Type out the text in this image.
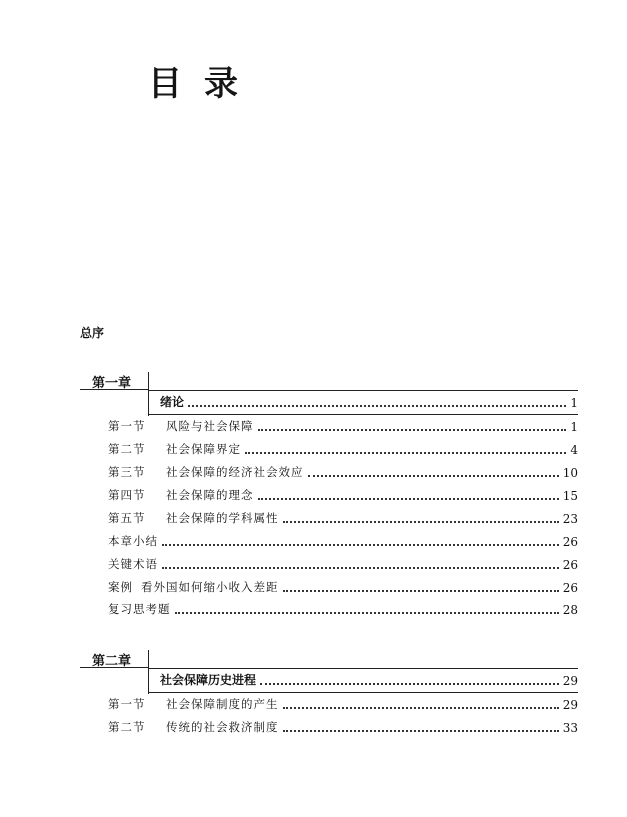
目录
总序
第一章
绪论	1
第一节	风险与社会保障	1
第二节	社会保障界定	4
第三节	社会保障的经济社会效应	10
第四节	社会保障的理念	15
第五节	社会保障的学科属性	23
本章小结	26
关键术语	26
案例 看外国如何缩小收入差距	26
复习思考题	28
第二章
社会保障历史进程	29
第一节	社会保障制度的产生	29
第二节	传统的社会救济制度	33
